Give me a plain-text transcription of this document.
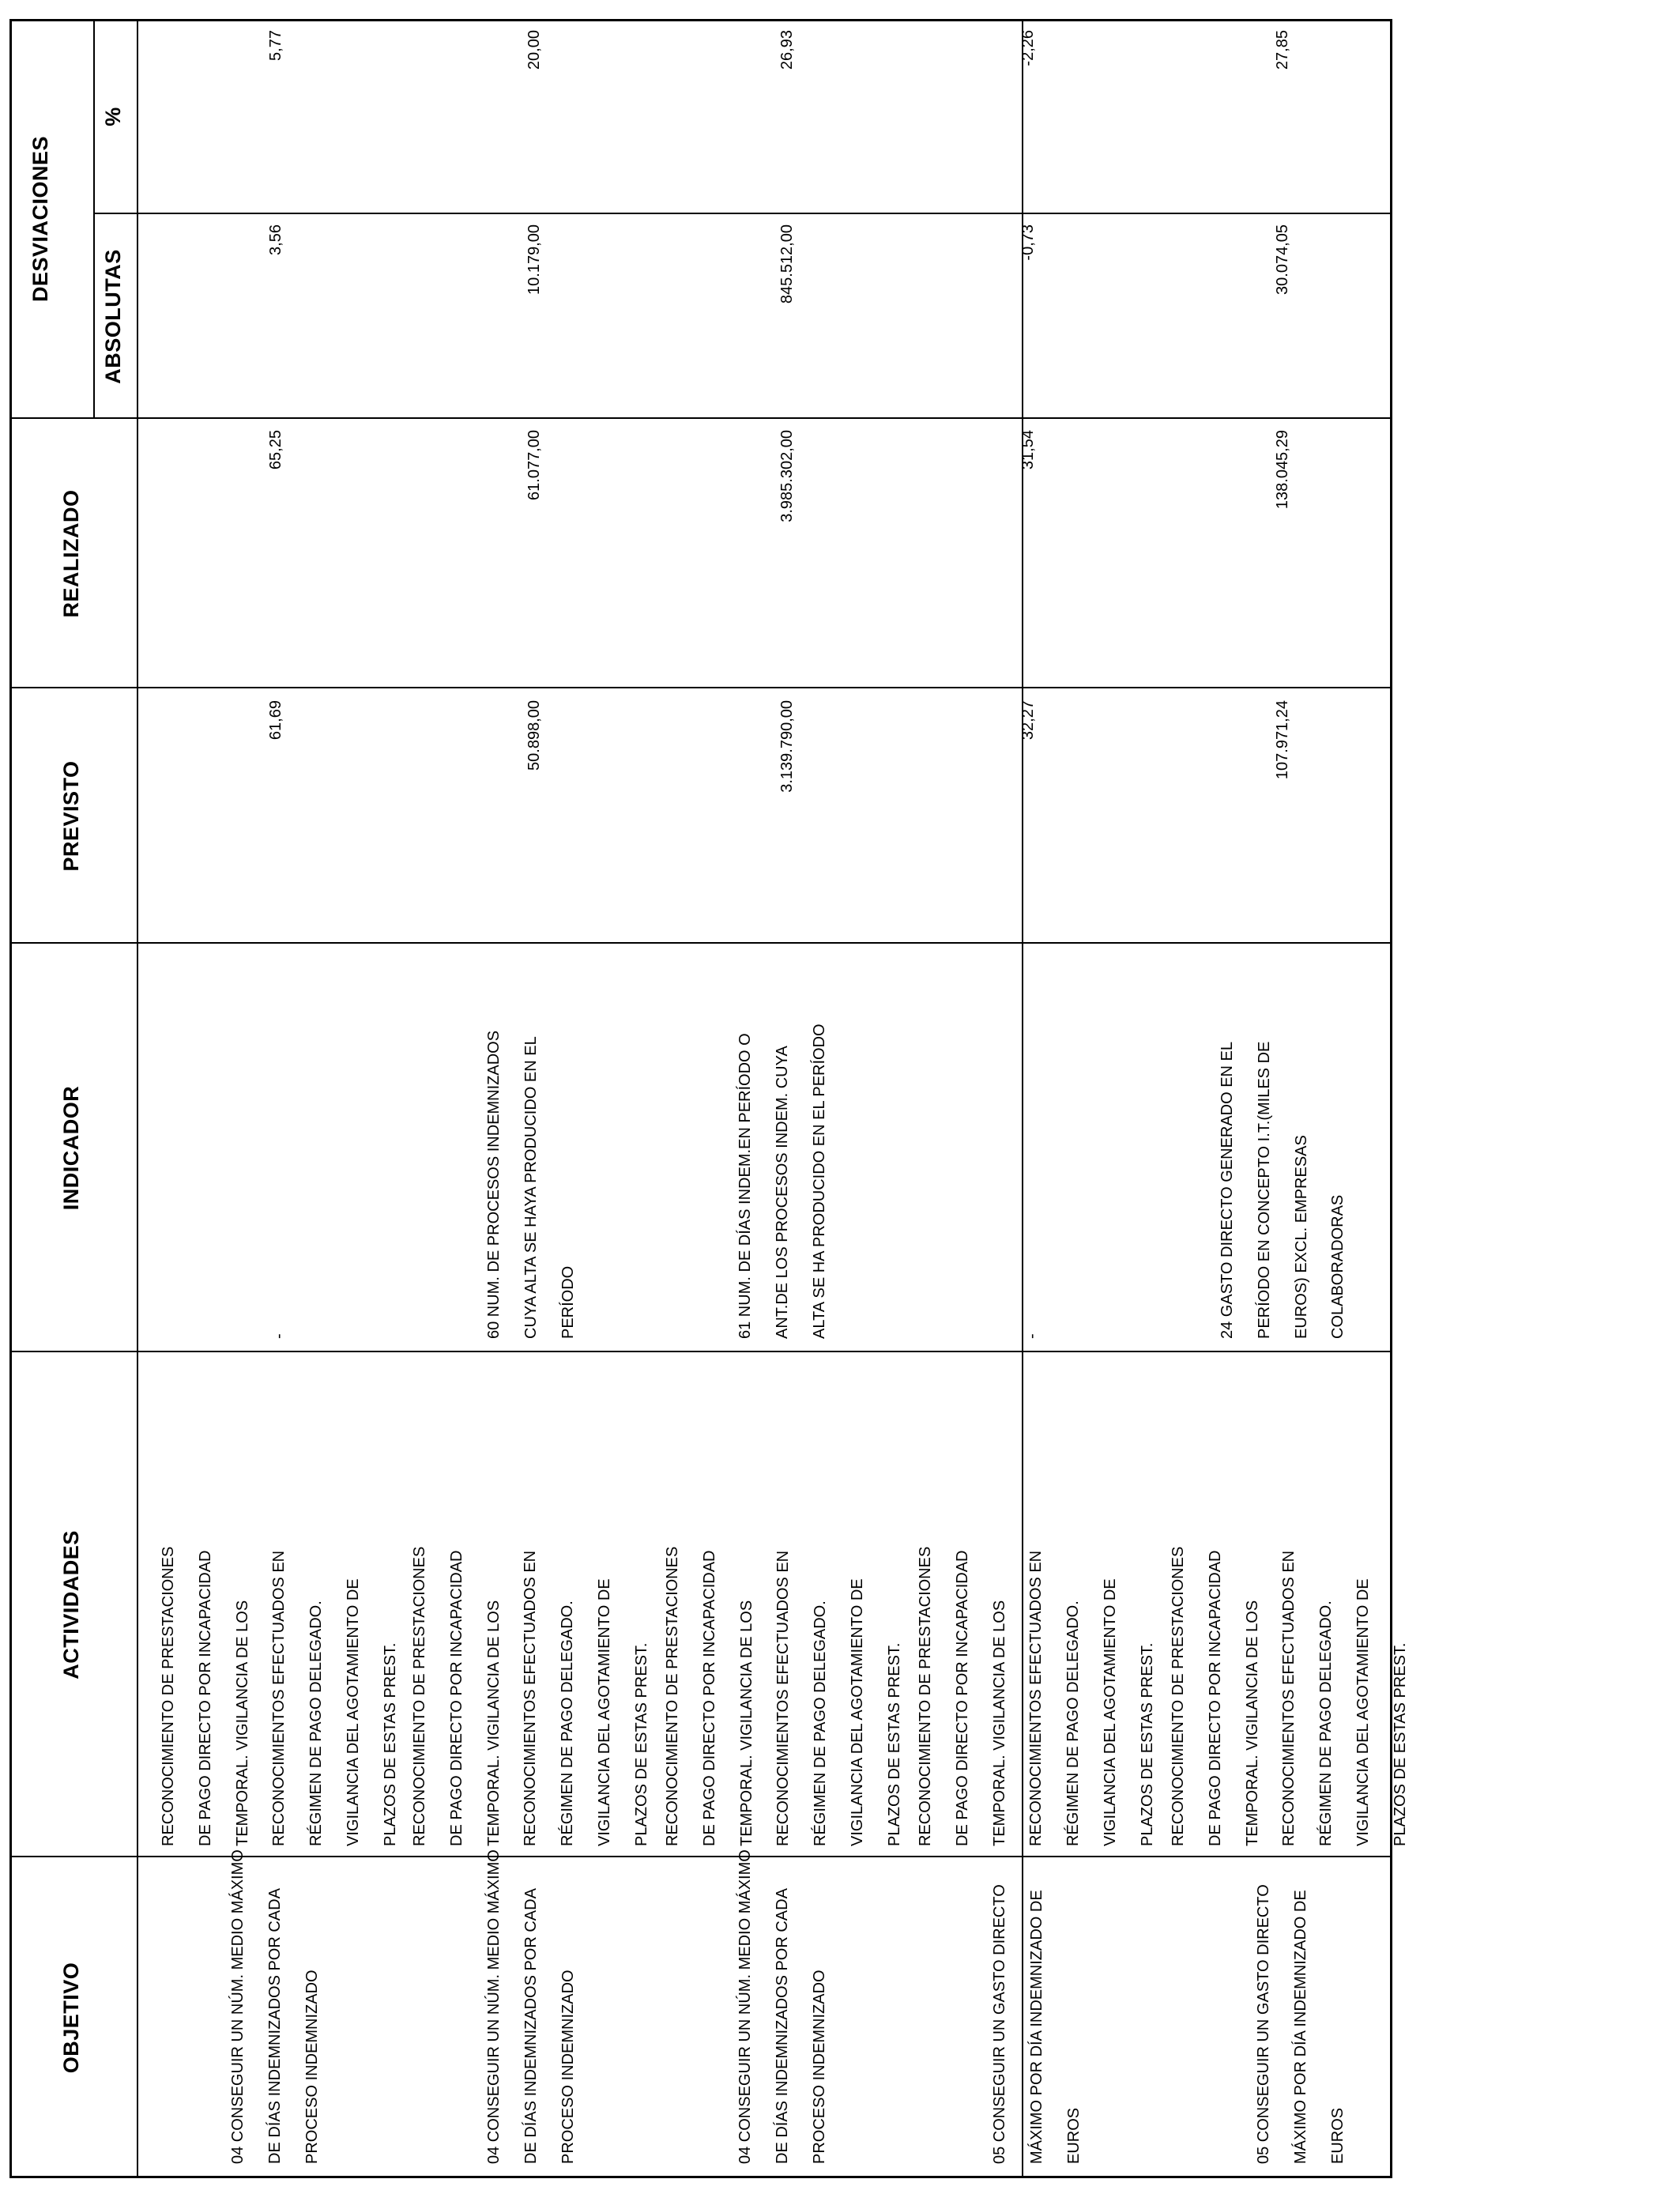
OBJETIVO
ACTIVIDADES
INDICADOR
PREVISTO
REALIZADO
DESVIACIONES
ABSOLUTAS
%
04 CONSEGUIR UN NÚM. MEDIO MÁXIMO
DE DÍAS INDEMNIZADOS POR CADA
PROCESO INDEMNIZADO
RECONOCIMIENTO DE PRESTACIONES
DE PAGO DIRECTO POR INCAPACIDAD
TEMPORAL. VIGILANCIA DE LOS
RECONOCIMIENTOS EFECTUADOS EN
RÉGIMEN DE PAGO DELEGADO.
VIGILANCIA DEL AGOTAMIENTO DE
PLAZOS DE ESTAS PREST.
-
61,69
65,25
3,56
5,77
04 CONSEGUIR UN NÚM. MEDIO MÁXIMO
DE DÍAS INDEMNIZADOS POR CADA
PROCESO INDEMNIZADO
RECONOCIMIENTO DE PRESTACIONES
DE PAGO DIRECTO POR INCAPACIDAD
TEMPORAL. VIGILANCIA DE LOS
RECONOCIMIENTOS EFECTUADOS EN
RÉGIMEN DE PAGO DELEGADO.
VIGILANCIA DEL AGOTAMIENTO DE
PLAZOS DE ESTAS PREST.
60 NUM. DE PROCESOS INDEMNIZADOS
CUYA ALTA SE HAYA PRODUCIDO EN EL
PERÍODO
50.898,00
61.077,00
10.179,00
20,00
04 CONSEGUIR UN NÚM. MEDIO MÁXIMO
DE DÍAS INDEMNIZADOS POR CADA
PROCESO INDEMNIZADO
RECONOCIMIENTO DE PRESTACIONES
DE PAGO DIRECTO POR INCAPACIDAD
TEMPORAL. VIGILANCIA DE LOS
RECONOCIMIENTOS EFECTUADOS EN
RÉGIMEN DE PAGO DELEGADO.
VIGILANCIA DEL AGOTAMIENTO DE
PLAZOS DE ESTAS PREST.
61 NUM. DE DÍAS INDEM.EN PERÍODO O
ANT.DE LOS PROCESOS INDEM. CUYA
ALTA SE HA PRODUCIDO EN EL PERÍODO
3.139.790,00
3.985.302,00
845.512,00
26,93
05 CONSEGUIR UN GASTO DIRECTO
MÁXIMO POR DÍA INDEMNIZADO DE
EUROS
RECONOCIMIENTO DE PRESTACIONES
DE PAGO DIRECTO POR INCAPACIDAD
TEMPORAL. VIGILANCIA DE LOS
RECONOCIMIENTOS EFECTUADOS EN
RÉGIMEN DE PAGO DELEGADO.
VIGILANCIA DEL AGOTAMIENTO DE
PLAZOS DE ESTAS PREST.
-
32,27
31,54
-0,73
-2,26
05 CONSEGUIR UN GASTO DIRECTO
MÁXIMO POR DÍA INDEMNIZADO DE
EUROS
RECONOCIMIENTO DE PRESTACIONES
DE PAGO DIRECTO POR INCAPACIDAD
TEMPORAL. VIGILANCIA DE LOS
RECONOCIMIENTOS EFECTUADOS EN
RÉGIMEN DE PAGO DELEGADO.
VIGILANCIA DEL AGOTAMIENTO DE
PLAZOS DE ESTAS PREST.
24 GASTO DIRECTO GENERADO EN EL
PERÍODO EN CONCEPTO I.T.(MILES DE
EUROS) EXCL. EMPRESAS
COLABORADORAS
107.971,24
138.045,29
30.074,05
27,85
